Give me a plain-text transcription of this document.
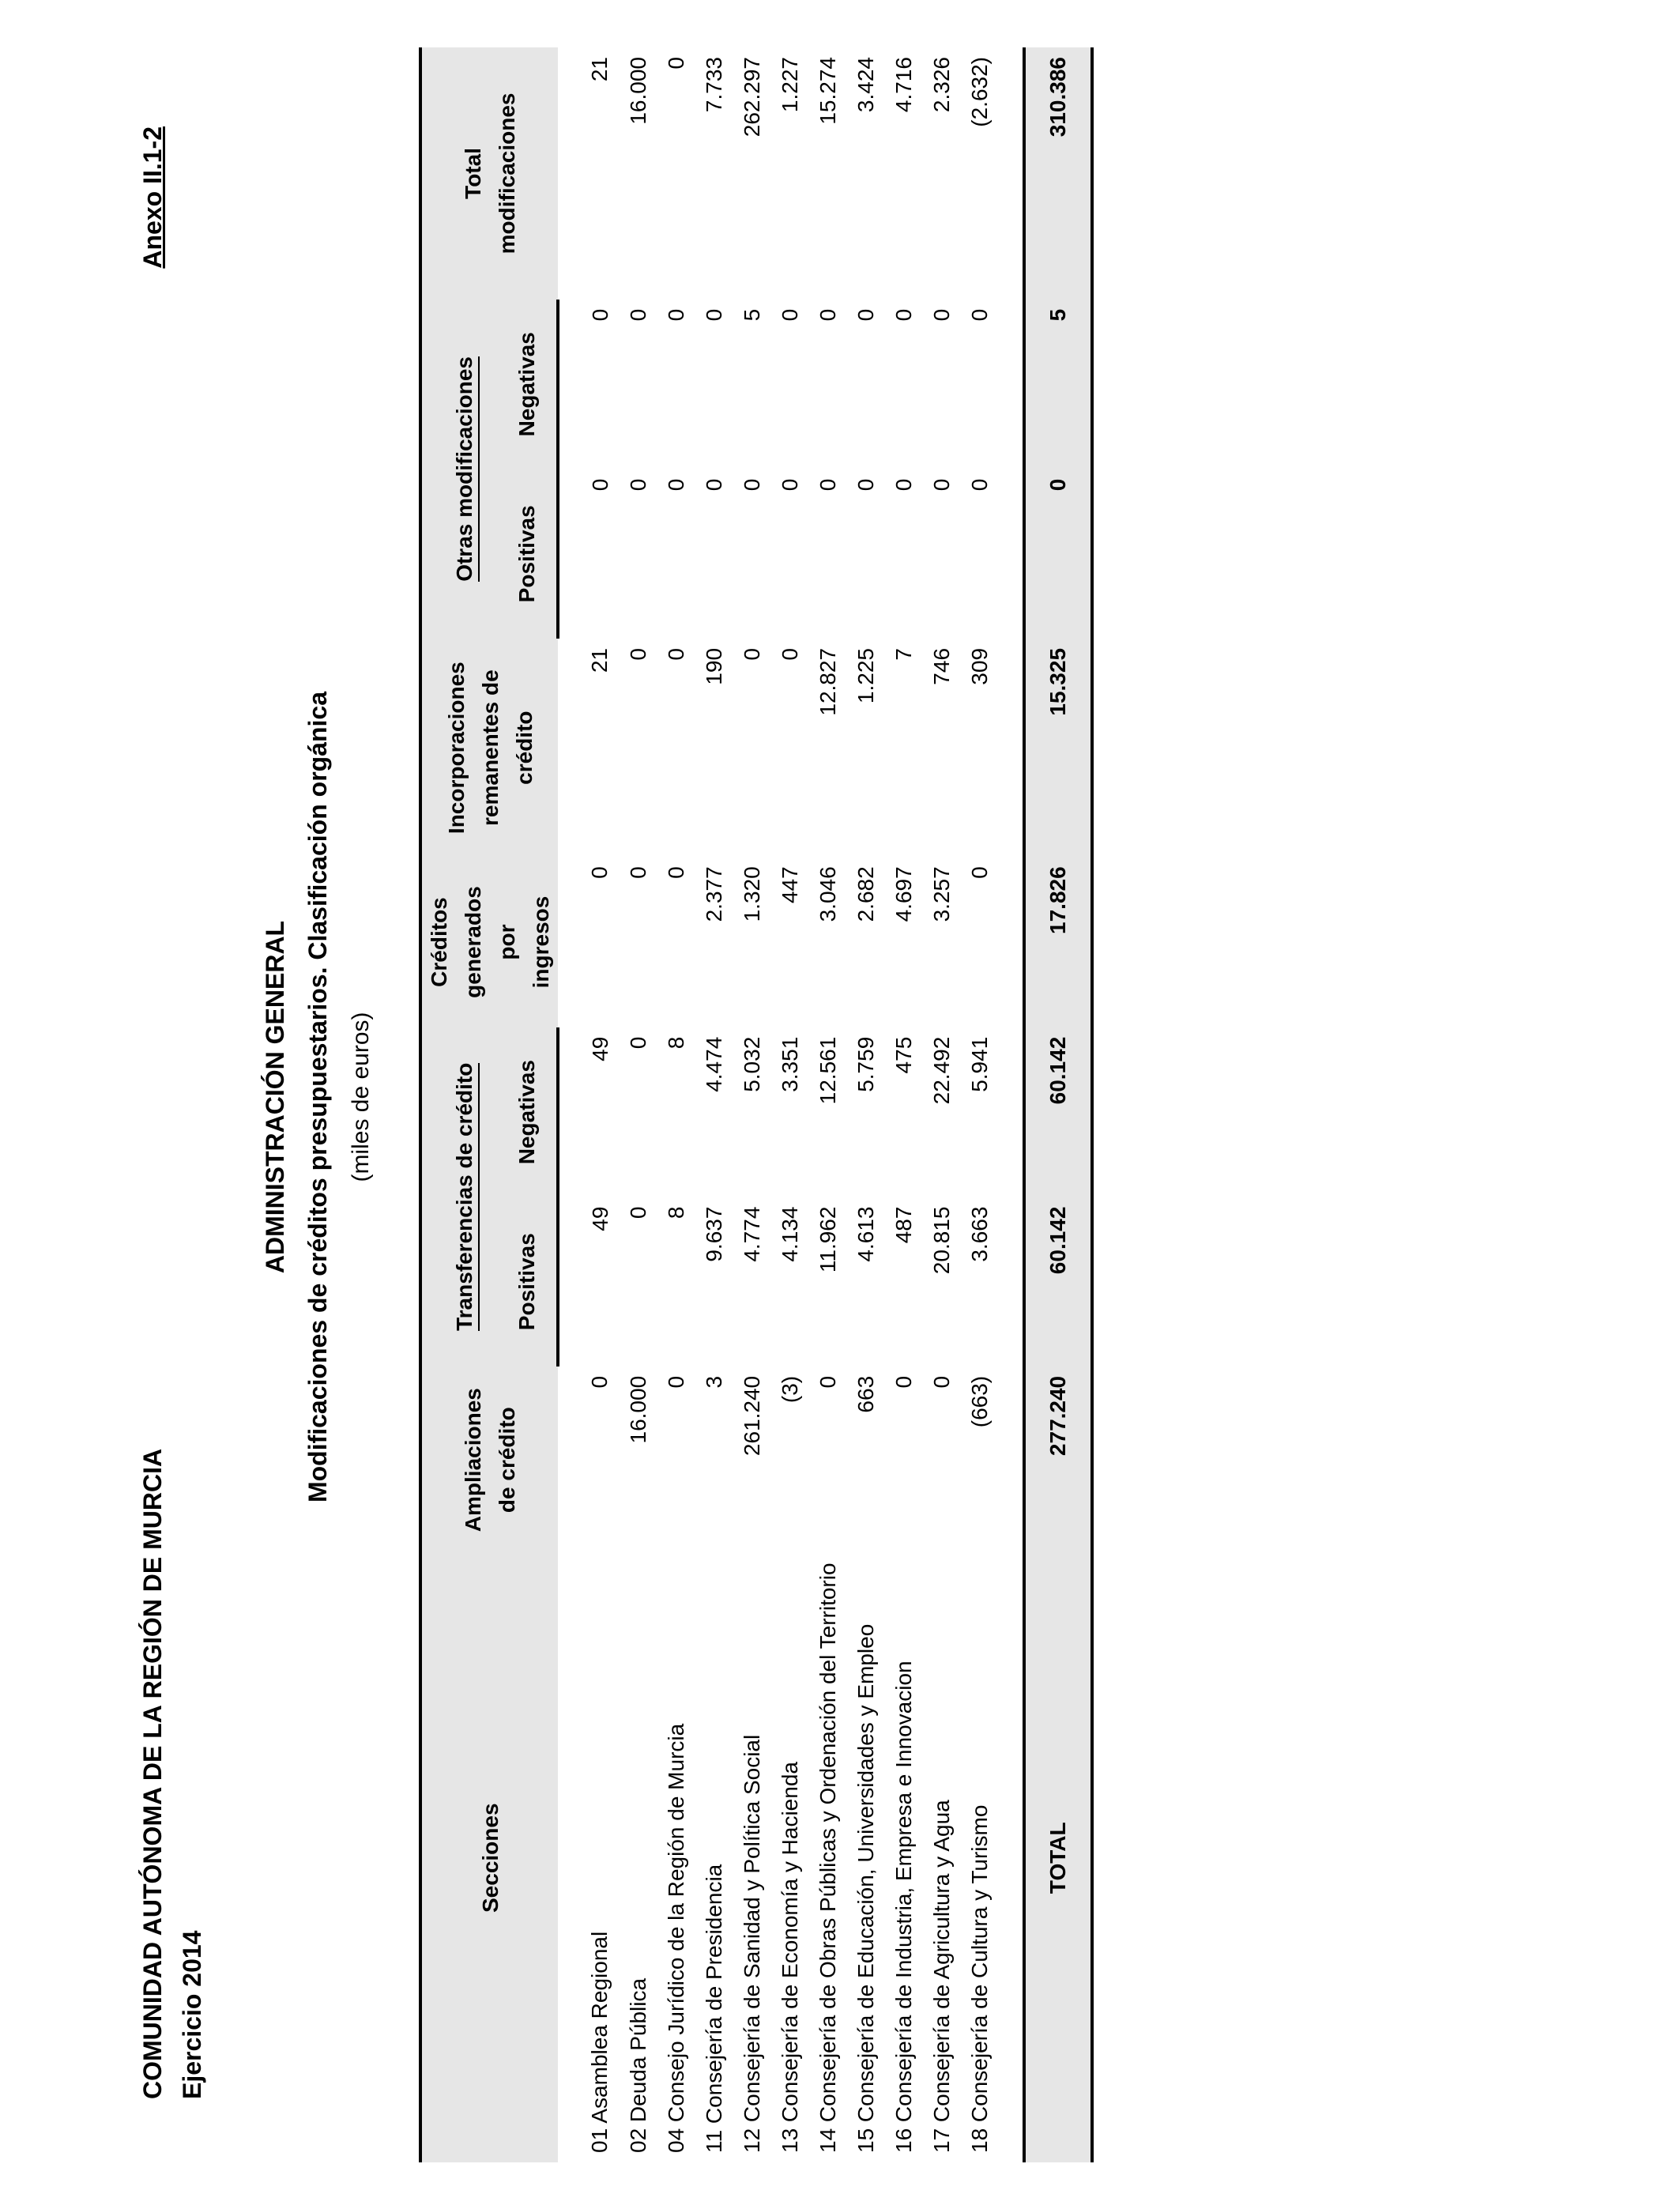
COMUNIDAD AUTÓNOMA DE LA REGIÓN DE MURCIA Ejercicio 2014
Anexo II.1-2
ADMINISTRACIÓN GENERAL Modificaciones de créditos presupuestarios. Clasificación orgánica (miles de euros)
Secciones	Ampliaciones de crédito	Transferencias de crédito		Créditos generados por ingresos	Incorporaciones remanentes de crédito	Otras modificaciones		Total modificaciones
		Positivas	Negativas			Positivas	Negativas	
01 Asamblea Regional	0	49	49	0	21	0	0	21
02 Deuda Pública	16.000	0	0	0	0	0	0	16.000
04 Consejo Jurídico de la Región de Murcia	0	8	8	0	0	0	0	0
11 Consejería de Presidencia	3	9.637	4.474	2.377	190	0	0	7.733
12 Consejería de Sanidad y Política Social	261.240	4.774	5.032	1.320	0	0	5	262.297
13 Consejería de Economía y Hacienda	(3)	4.134	3.351	447	0	0	0	1.227
14 Consejería de Obras Públicas y Ordenación del Territorio	0	11.962	12.561	3.046	12.827	0	0	15.274
15 Consejería de Educación, Universidades y Empleo	663	4.613	5.759	2.682	1.225	0	0	3.424
16 Consejería de Industria, Empresa e Innovacion	0	487	475	4.697	7	0	0	4.716
17 Consejería de Agricultura y Agua	0	20.815	22.492	3.257	746	0	0	2.326
18 Consejería de Cultura y Turismo	(663)	3.663	5.941	0	309	0	0	(2.632)

TOTAL	277.240	60.142	60.142	17.826	15.325	0	5	310.386
